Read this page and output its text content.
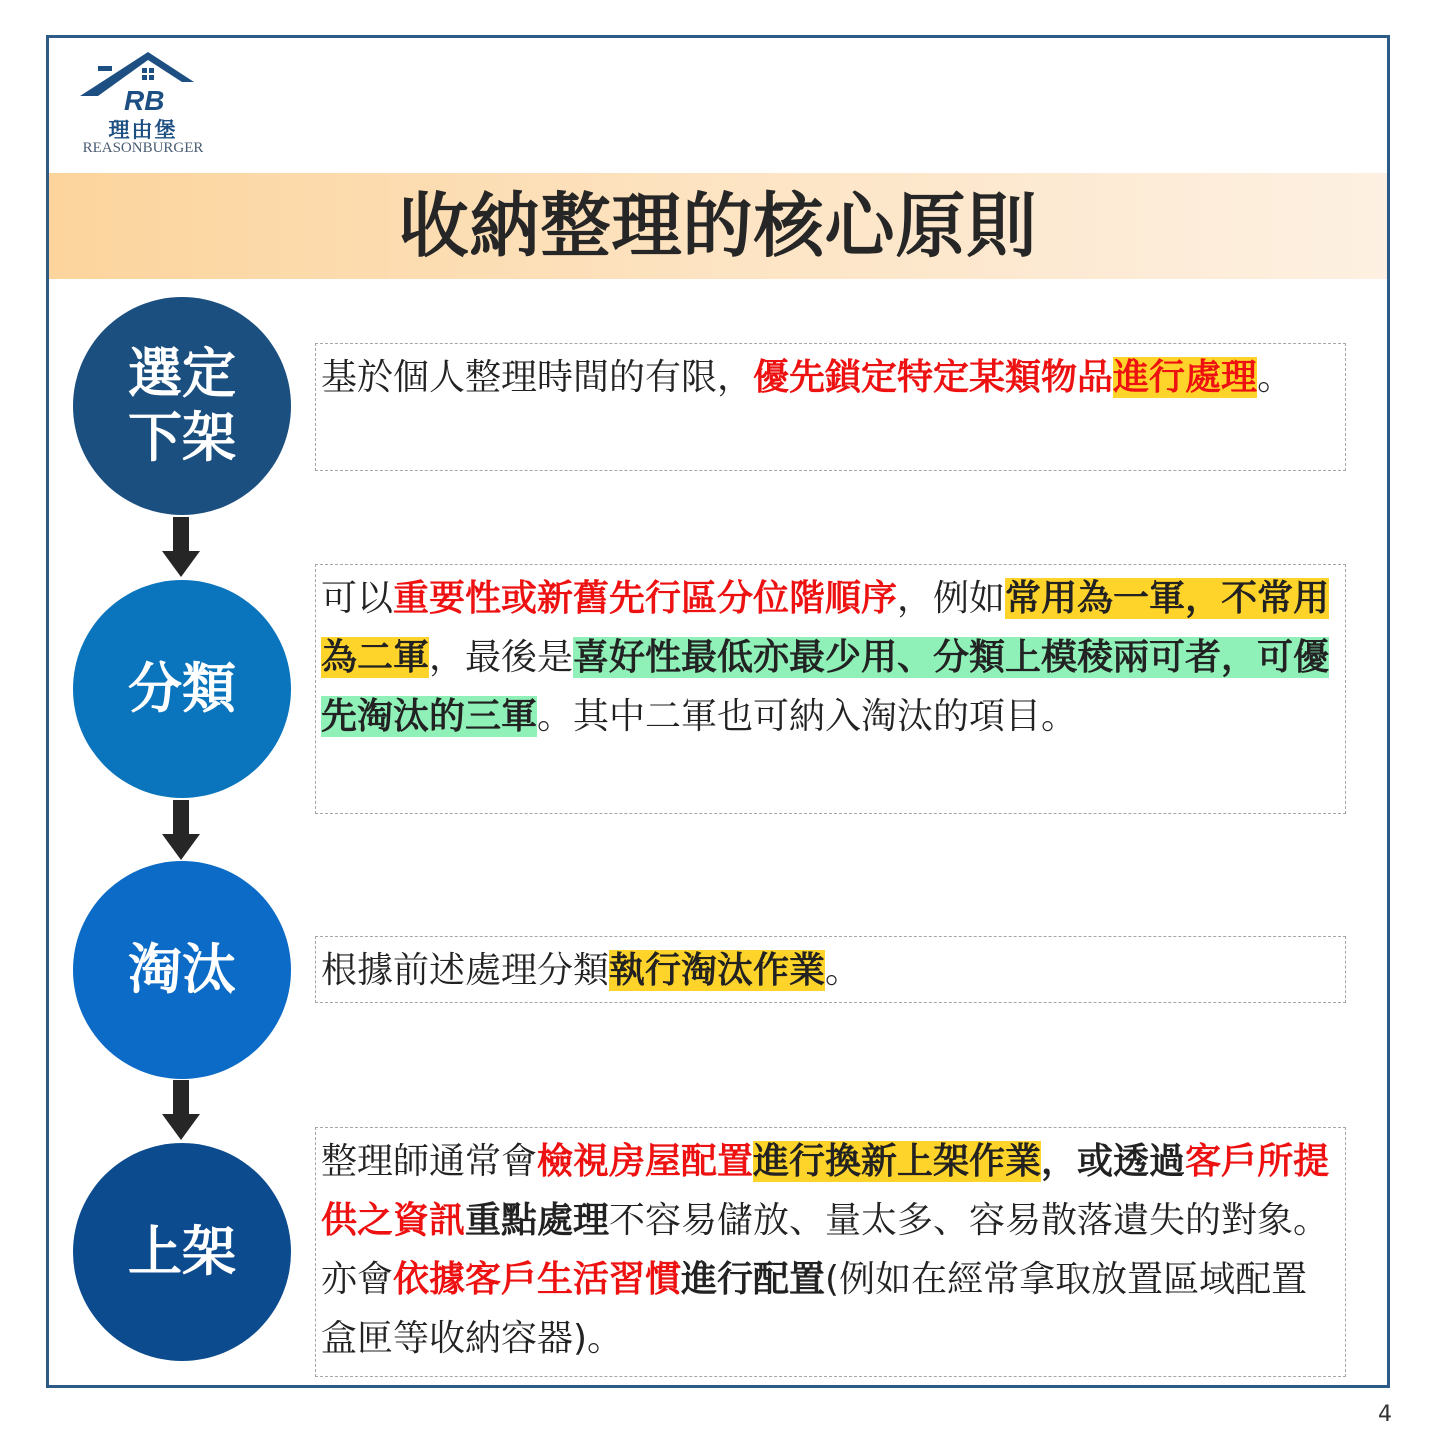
RB
理由堡
REASONBURGER
收納整理的核心原則
選定
下架
基於個人整理時間的有限，優先鎖定特定某類物品進行處理。
分類
可以重要性或新舊先行區分位階順序，例如常用為一軍，不常用為二軍，最後是喜好性最低亦最少用、分類上模稜兩可者，可優先淘汰的三軍。其中二軍也可納入淘汰的項目。
淘汰 根據前述處理分類執行淘汰作業。
上架
整理師通常會檢視房屋配置進行換新上架作業，或透過客戶所提供之資訊重點處理不容易儲放、量太多、容易散落遺失的對象。亦會依據客戶生活習慣進行配置(例如在經常拿取放置區域配置盒匣等收納容器)。
4
